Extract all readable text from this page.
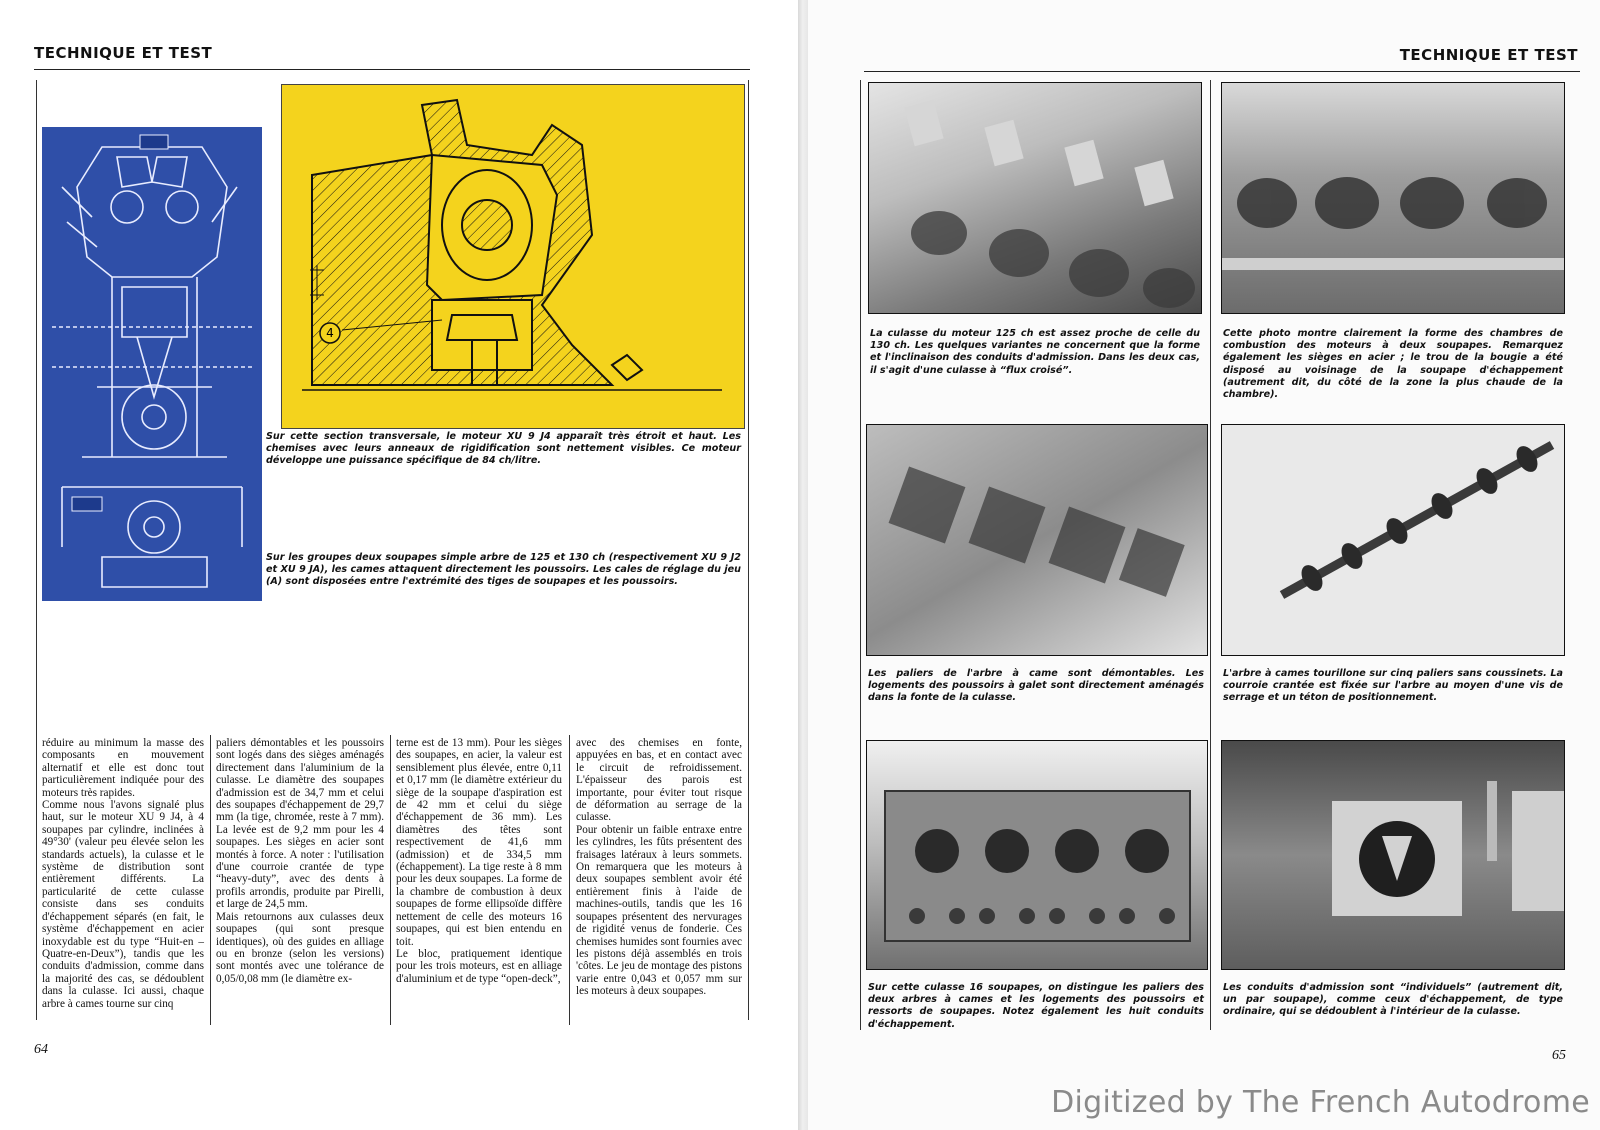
TECHNIQUE ET TEST
4
Sur cette section transversale, le moteur XU 9 J4 apparaît très étroit et haut. Les chemises avec leurs anneaux de rigidification sont nettement visibles. Ce moteur développe une puissance spécifique de 84 ch/litre.
Sur les groupes deux soupapes simple arbre de 125 et 130 ch (respectivement XU 9 J2 et XU 9 JA), les cames attaquent directement les poussoirs. Les cales de réglage du jeu (A) sont disposées entre l'extrémité des tiges de soupapes et les poussoirs.
réduire au minimum la masse des composants en mouvement alternatif et elle est donc tout particulièrement indiquée pour des moteurs très rapides.
Comme nous l'avons signalé plus haut, sur le moteur XU 9 J4, à 4 soupapes par cylindre, inclinées à 49°30' (valeur peu élevée selon les standards actuels), la culasse et le système de distribution sont entièrement différents. La particularité de cette culasse consiste dans ses conduits d'échappement séparés (en fait, le système d'échappement en acier inoxydable est du type “Huit-en – Quatre-en-Deux”), tandis que les conduits d'admission, comme dans la majorité des cas, se dédoublent dans la culasse. Ici aussi, chaque arbre à cames tourne sur cinq
paliers démontables et les poussoirs sont logés dans des sièges aménagés directement dans l'aluminium de la culasse. Le diamètre des soupapes d'admission est de 34,7 mm et celui des soupapes d'échappement de 29,7 mm (la tige, chromée, reste à 7 mm). La levée est de 9,2 mm pour les 4 soupapes. Les sièges en acier sont montés à force. A noter : l'utilisation d'une courroie crantée de type “heavy-duty”, avec des dents à profils arrondis, produite par Pirelli, et large de 24,5 mm.
Mais retournons aux culasses deux soupapes (qui sont presque identiques), où des guides en alliage ou en bronze (selon les versions) sont montés avec une tolérance de 0,05/0,08 mm (le diamètre ex-
terne est de 13 mm). Pour les sièges des soupapes, en acier, la valeur est sensiblement plus élevée, entre 0,11 et 0,17 mm (le diamètre extérieur du siège de la soupape d'aspiration est de 42 mm et celui du siège d'échappement de 36 mm). Les diamètres des têtes sont respectivement de 41,6 mm (admission) et de 334,5 mm (échappement). La tige reste à 8 mm pour les deux soupapes. La forme de la chambre de combustion à deux soupapes de forme ellipsoïde diffère nettement de celle des moteurs 16 soupapes, qui est bien entendu en toit.
Le bloc, pratiquement identique pour les trois moteurs, est en alliage d'aluminium et de type “open-deck”,
avec des chemises en fonte, appuyées en bas, et en contact avec le circuit de refroidissement. L'épaisseur des parois est importante, pour éviter tout risque de déformation au serrage de la culasse.
Pour obtenir un faible entraxe entre les cylindres, les fûts présentent des fraisages latéraux à leurs sommets. On remarquera que les moteurs à deux soupapes semblent avoir été entièrement finis à l'aide de machines-outils, tandis que les 16 soupapes présentent des nervurages de rigidité venus de fonderie. Ces chemises humides sont fournies avec les pistons déjà assemblés en trois 'côtes. Le jeu de montage des pistons varie entre 0,043 et 0,057 mm sur les moteurs à deux soupapes.
64
TECHNIQUE ET TEST
La culasse du moteur 125 ch est assez proche de celle du 130 ch. Les quelques variantes ne concernent que la forme et l'inclinaison des conduits d'admission. Dans les deux cas, il s'agit d'une culasse à “flux croisé”.
Cette photo montre clairement la forme des chambres de combustion des moteurs à deux soupapes. Remarquez également les sièges en acier ; le trou de la bougie a été disposé au voisinage de la soupape d'échappement (autrement dit, du côté de la zone la plus chaude de la chambre).
Les paliers de l'arbre à came sont démontables. Les logements des poussoirs à galet sont directement aménagés dans la fonte de la culasse.
L'arbre à cames tourillone sur cinq paliers sans coussinets. La courroie crantée est fixée sur l'arbre au moyen d'une vis de serrage et un téton de positionnement.
Sur cette culasse 16 soupapes, on distingue les paliers des deux arbres à cames et les logements des poussoirs et ressorts de soupapes. Notez également les huit conduits d'échappement.
Les conduits d'admission sont “individuels” (autrement dit, un par soupape), comme ceux d'échappement, de type ordinaire, qui se dédoublent à l'intérieur de la culasse.
65
Digitized by The French Autodrome
